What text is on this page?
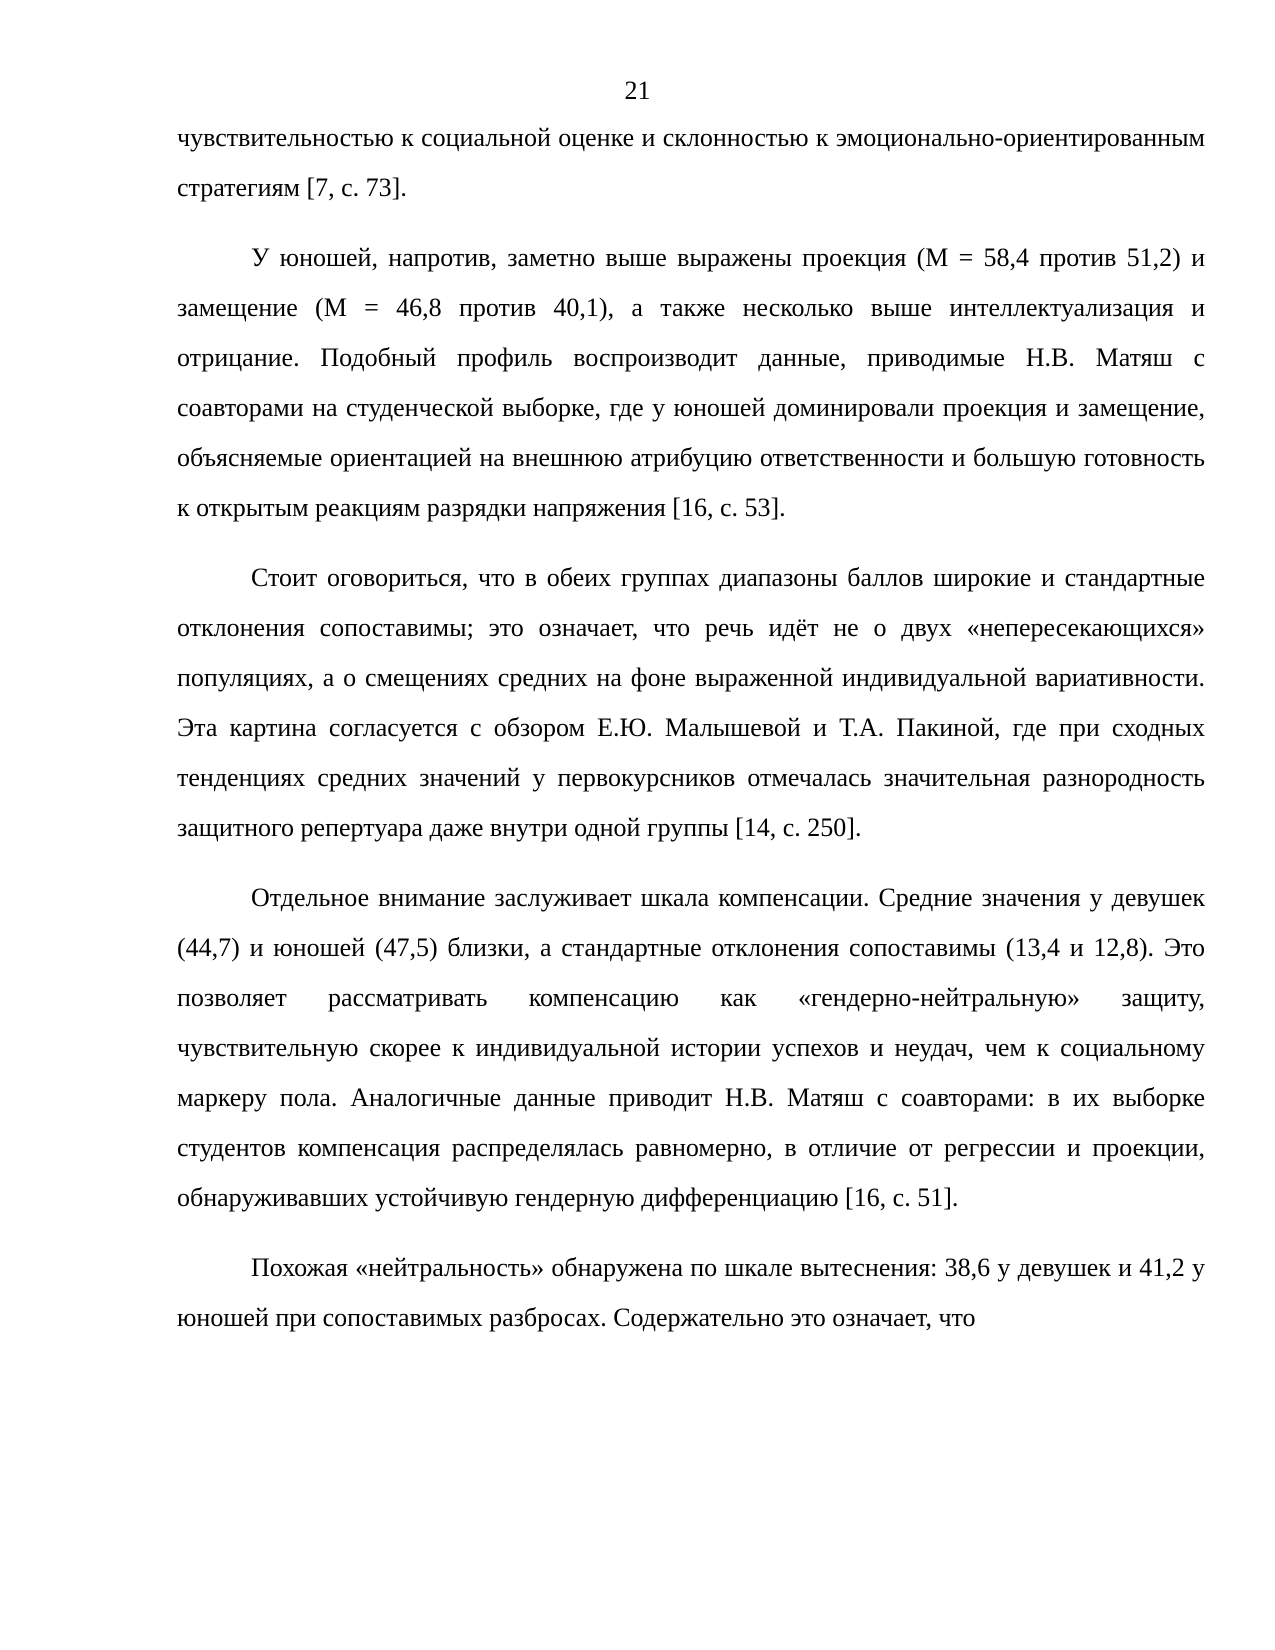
21

чувствительностью к социальной оценке и склонностью к эмоционально-ориентированным стратегиям [7, с. 73].

У юношей, напротив, заметно выше выражены проекция (М = 58,4 против 51,2) и замещение (М = 46,8 против 40,1), а также несколько выше интеллектуализация и отрицание. Подобный профиль воспроизводит данные, приводимые Н.В. Матяш с соавторами на студенческой выборке, где у юношей доминировали проекция и замещение, объясняемые ориентацией на внешнюю атрибуцию ответственности и большую готовность к открытым реакциям разрядки напряжения [16, с. 53].

Стоит оговориться, что в обеих группах диапазоны баллов широкие и стандартные отклонения сопоставимы; это означает, что речь идёт не о двух «непересекающихся» популяциях, а о смещениях средних на фоне выраженной индивидуальной вариативности. Эта картина согласуется с обзором Е.Ю. Малышевой и Т.А. Пакиной, где при сходных тенденциях средних значений у первокурсников отмечалась значительная разнородность защитного репертуара даже внутри одной группы [14, с. 250].

Отдельное внимание заслуживает шкала компенсации. Средние значения у девушек (44,7) и юношей (47,5) близки, а стандартные отклонения сопоставимы (13,4 и 12,8). Это позволяет рассматривать компенсацию как «гендерно-нейтральную» защиту, чувствительную скорее к индивидуальной истории успехов и неудач, чем к социальному маркеру пола. Аналогичные данные приводит Н.В. Матяш с соавторами: в их выборке студентов компенсация распределялась равномерно, в отличие от регрессии и проекции, обнаруживавших устойчивую гендерную дифференциацию [16, с. 51].

Похожая «нейтральность» обнаружена по шкале вытеснения: 38,6 у девушек и 41,2 у юношей при сопоставимых разбросах. Содержательно это означает, что
